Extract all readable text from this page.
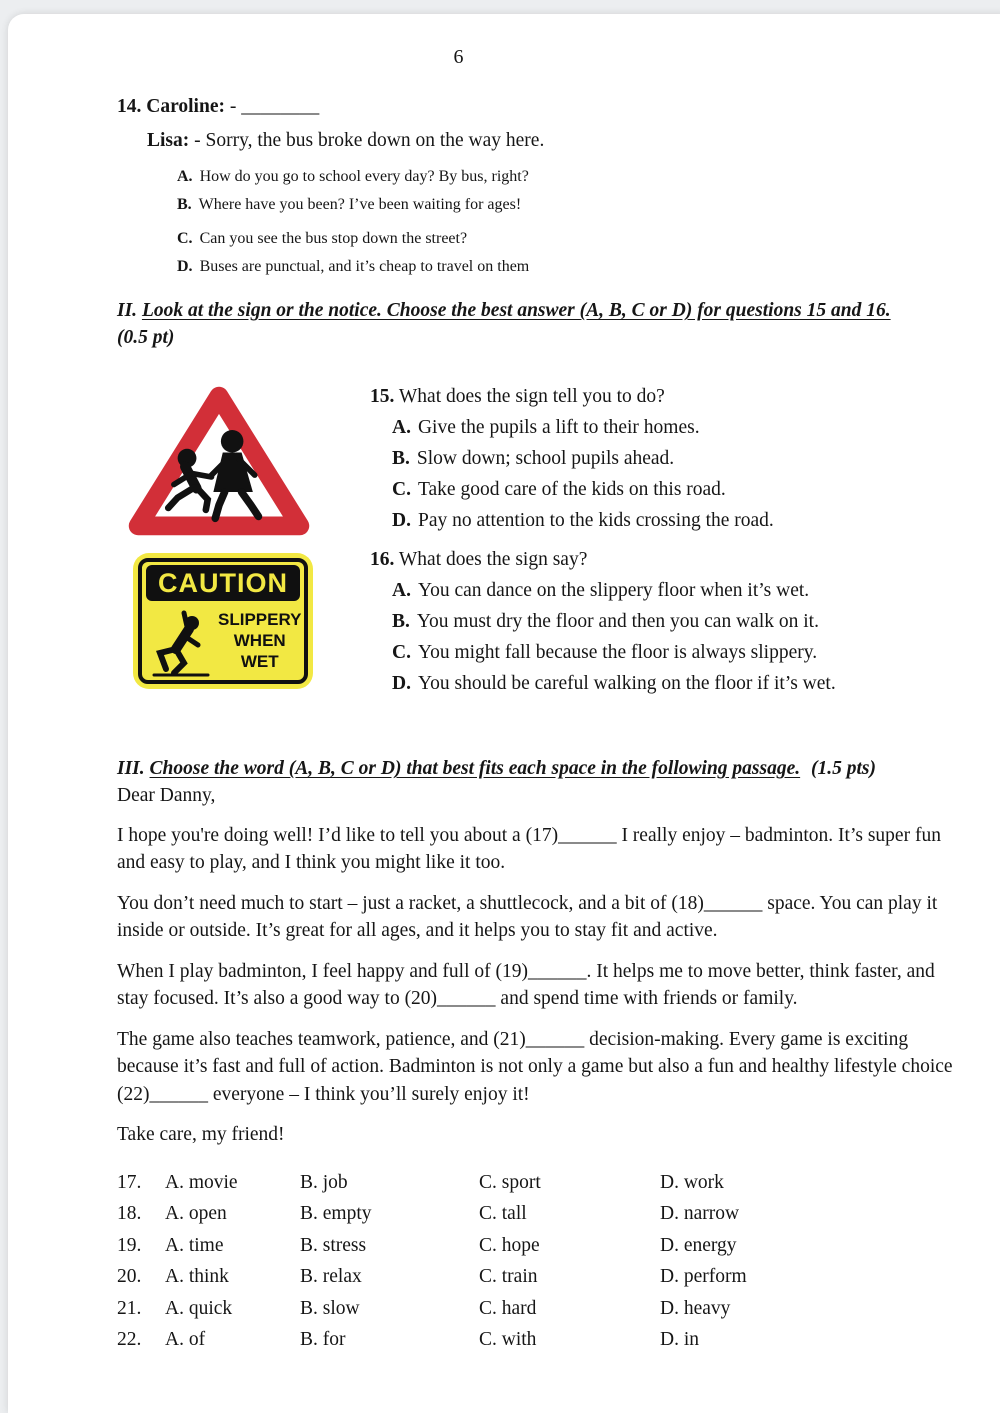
6
14. Caroline: - ________
Lisa: - Sorry, the bus broke down on the way here.
A. How do you go to school every day? By bus, right?
B. Where have you been? I’ve been waiting for ages!
C. Can you see the bus stop down the street?
D. Buses are punctual, and it’s cheap to travel on them
II. Look at the sign or the notice. Choose the best answer (A, B, C or D) for questions 15 and 16.
(0.5 pt)
CAUTION
SLIPPERY
WHEN
WET
15. What does the sign tell you to do?
A. Give the pupils a lift to their homes.
B. Slow down; school pupils ahead.
C. Take good care of the kids on this road.
D. Pay no attention to the kids crossing the road.
16. What does the sign say?
A. You can dance on the slippery floor when it’s wet.
B. You must dry the floor and then you can walk on it.
C. You might fall because the floor is always slippery.
D. You should be careful walking on the floor if it’s wet.
III. Choose the word (A, B, C or D) that best fits each space in the following passage. (1.5 pts)

Dear Danny,

I hope you're doing well! I’d like to tell you about a (17)______ I really enjoy – badminton. It’s super fun and easy to play, and I think you might like it too.

You don’t need much to start – just a racket, a shuttlecock, and a bit of (18)______ space. You can play it inside or outside. It’s great for all ages, and it helps you to stay fit and active.

When I play badminton, I feel happy and full of (19)______. It helps me to move better, think faster, and stay focused. It’s also a good way to (20)______ and spend time with friends or family.

The game also teaches teamwork, patience, and (21)______ decision-making. Every game is exciting because it’s fast and full of action. Badminton is not only a game but also a fun and healthy lifestyle choice (22)______ everyone – I think you’ll surely enjoy it!

Take care, my friend!

17.	A. movie	B. job	C. sport	D. work
18.	A. open	B. empty	C. tall	D. narrow
19.	A. time	B. stress	C. hope	D. energy
20.	A. think	B. relax	C. train	D. perform
21.	A. quick	B. slow	C. hard	D. heavy
22.	A. of	B. for	C. with	D. in
